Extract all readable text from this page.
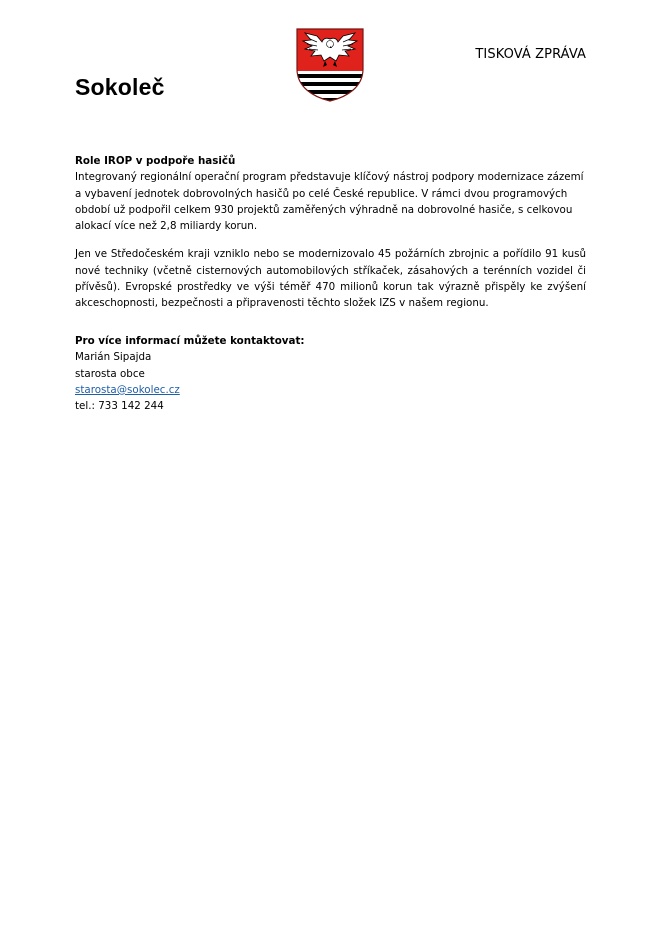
Sokoleč
TISKOVÁ ZPRÁVA

Role IROP v podpoře hasičů

Integrovaný regionální operační program představuje klíčový nástroj podpory modernizace zázemí a vybavení jednotek dobrovolných hasičů po celé České republice. V rámci dvou programových období už podpořil celkem 930 projektů zaměřených výhradně na dobrovolné hasiče, s celkovou alokací více než 2,8 miliardy korun.

Jen ve Středočeském kraji vzniklo nebo se modernizovalo 45 požárních zbrojnic a pořídilo 91 kusů nové techniky (včetně cisternových automobilových stříkaček, zásahových a terénních vozidel či přívěsů). Evropské prostředky ve výši téměř 470 milionů korun tak výrazně přispěly ke zvýšení akceschopnosti, bezpečnosti a připravenosti těchto složek IZS v našem regionu.

Pro více informací můžete kontaktovat:

Marián Sipajda

starosta obce

starosta@sokolec.cz

tel.: 733 142 244
